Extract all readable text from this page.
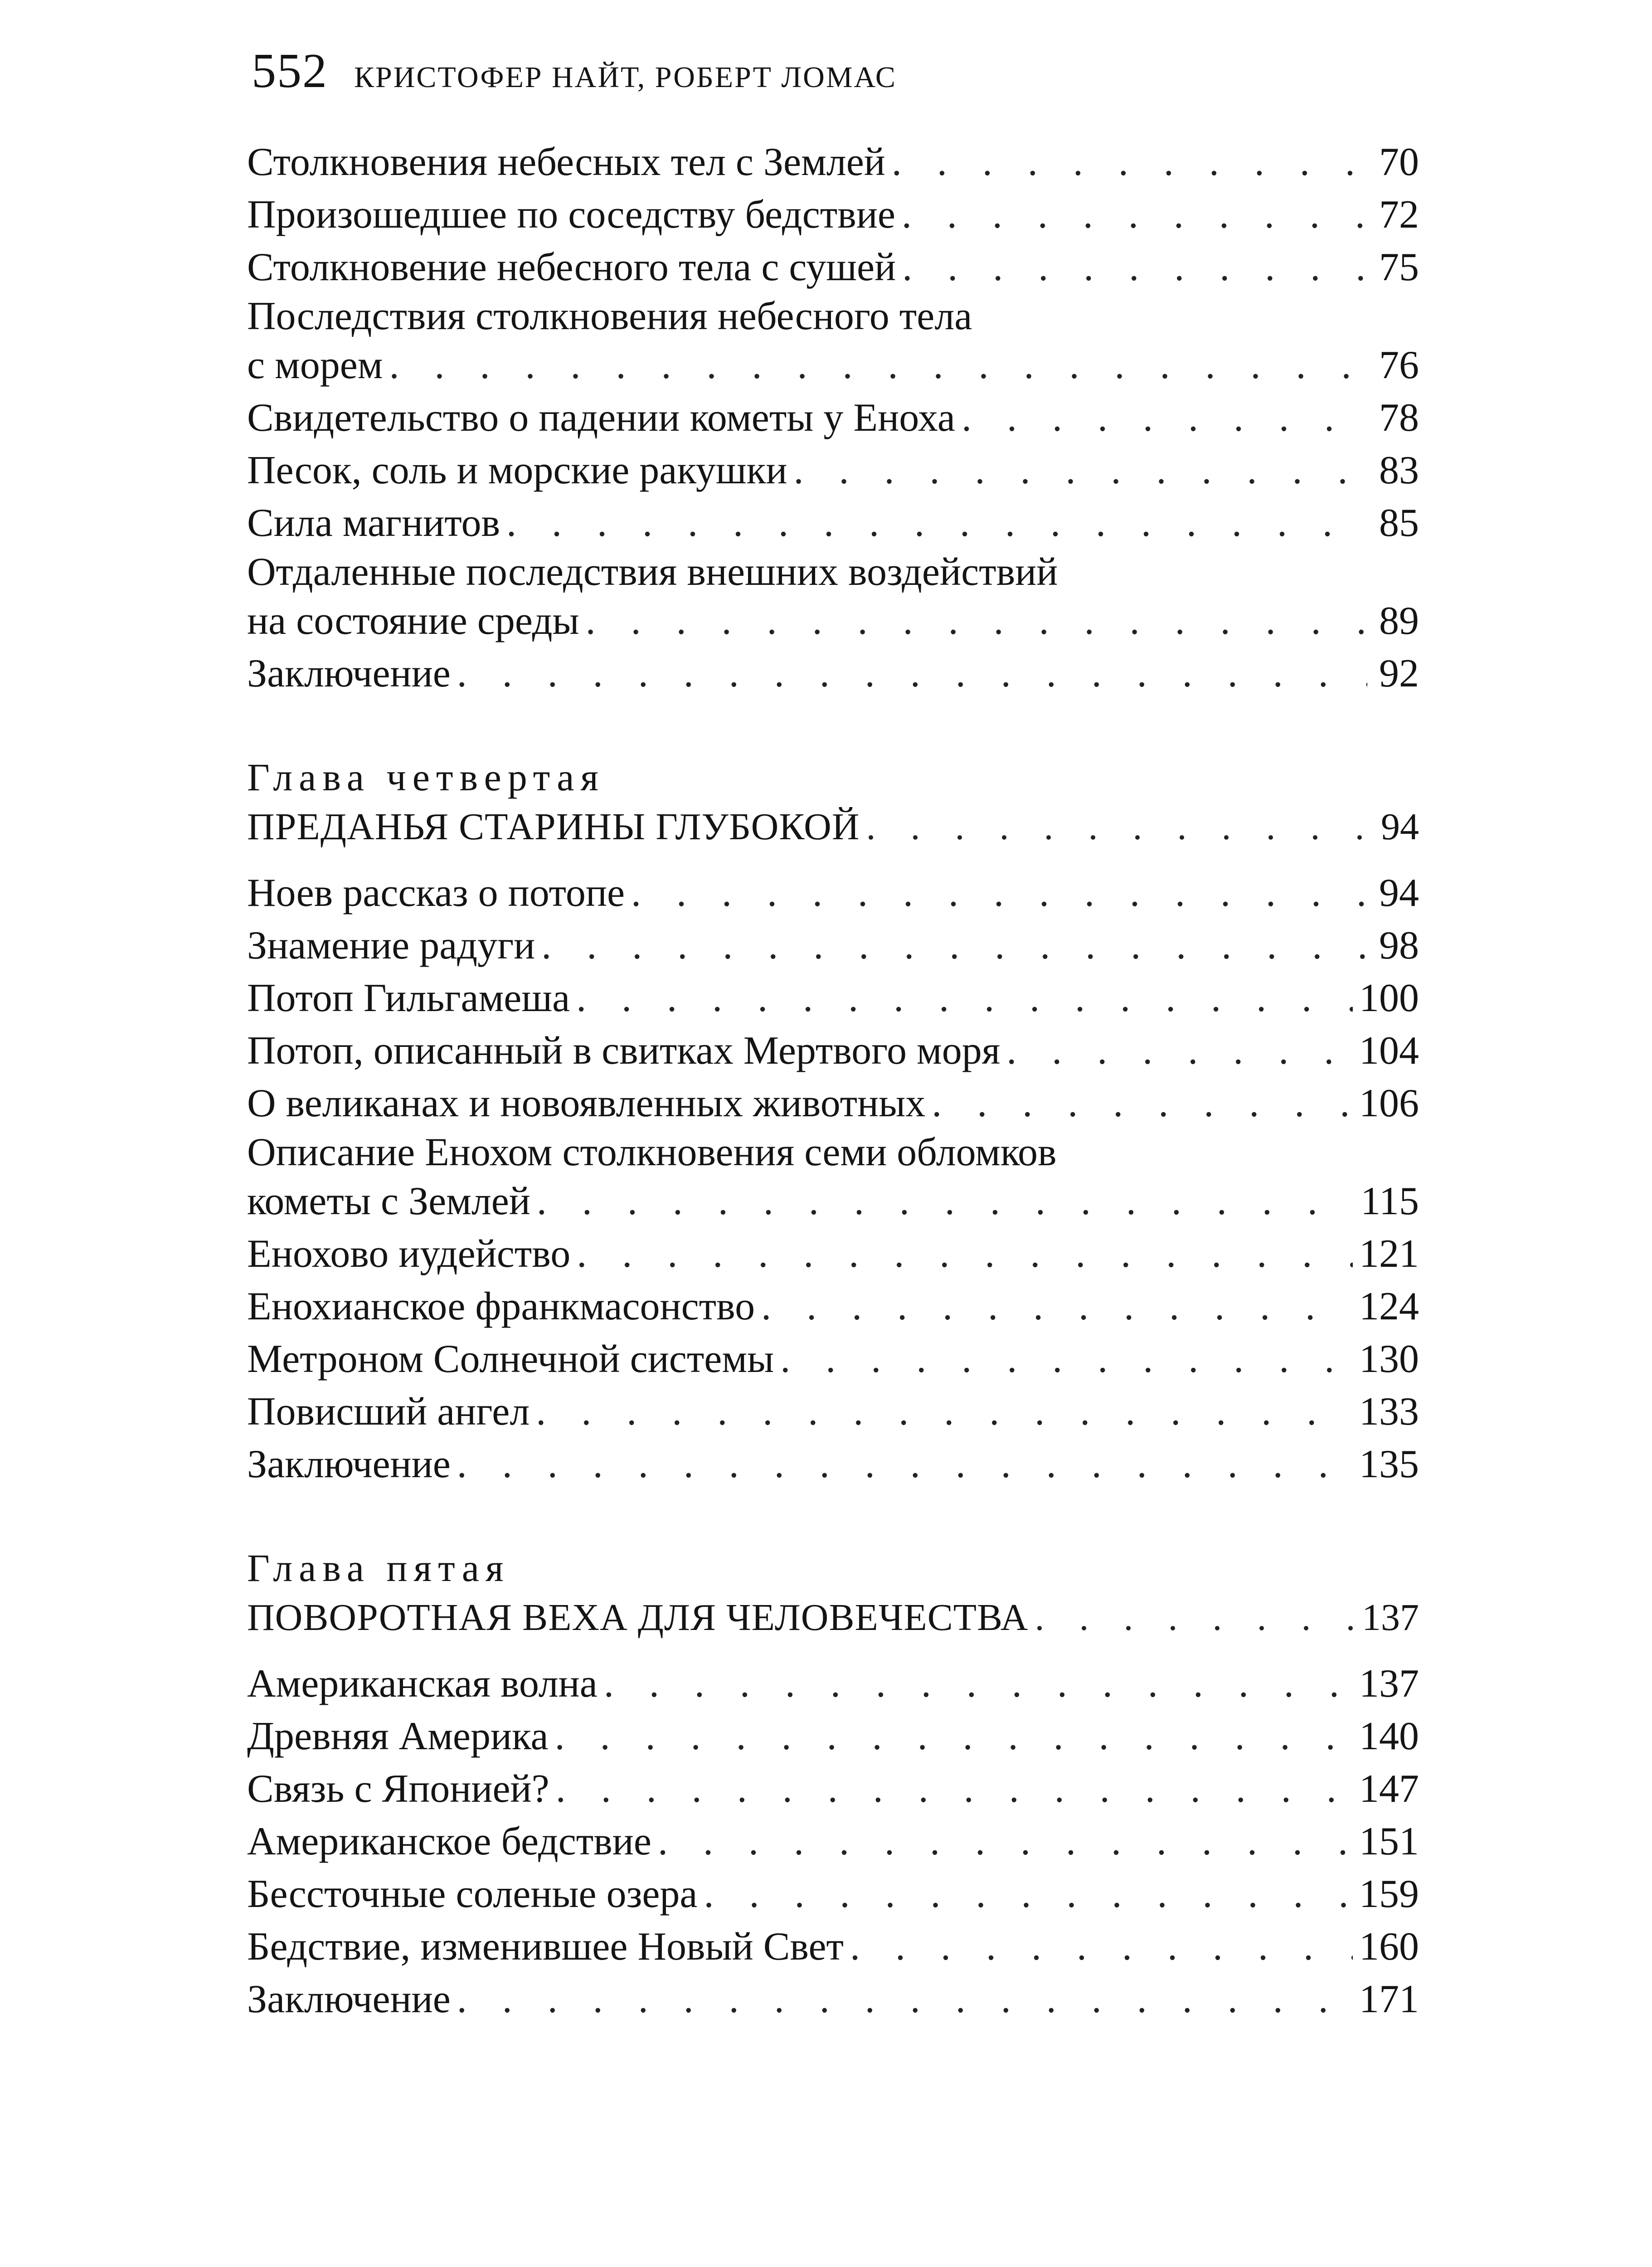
552 КРИСТОФЕР НАЙТ, РОБЕРТ ЛОМАС
Столкновения небесных тел с Землей . . .	70
Произошедшее по соседству бедствие . . .	72
Столкновение небесного тела с сушей . . .	75
Последствия столкновения небесного тела
с морем . . .	76
Свидетельство о падении кометы у Еноха . . .	78
Песок, соль и морские ракушки . . .	83
Сила магнитов . . .	85
Отдаленные последствия внешних воздействий
на состояние среды . . .	89
Заключение . . .	92
Глава четвертая
ПРЕДАНЬЯ СТАРИНЫ ГЛУБОКОЙ . . .	94
Ноев рассказ о потопе . . .	94
Знамение радуги . . .	98
Потоп Гильгамеша . . .	100
Потоп, описанный в свитках Мертвого моря . . .	104
О великанах и новоявленных животных . . .	106
Описание Енохом столкновения семи обломков
кометы с Землей . . .	115
Енохово иудейство . . .	121
Енохианское франкмасонство . . .	124
Метроном Солнечной системы . . .	130
Повисший ангел . . .	133
Заключение . . .	135
Глава пятая
ПОВОРОТНАЯ ВЕХА ДЛЯ ЧЕЛОВЕЧЕСТВА . . .	137
Американская волна . . .	137
Древняя Америка . . .	140
Связь с Японией? . . .	147
Американское бедствие . . .	151
Бессточные соленые озера . . .	159
Бедствие, изменившее Новый Свет . . .	160
Заключение . . .	171
